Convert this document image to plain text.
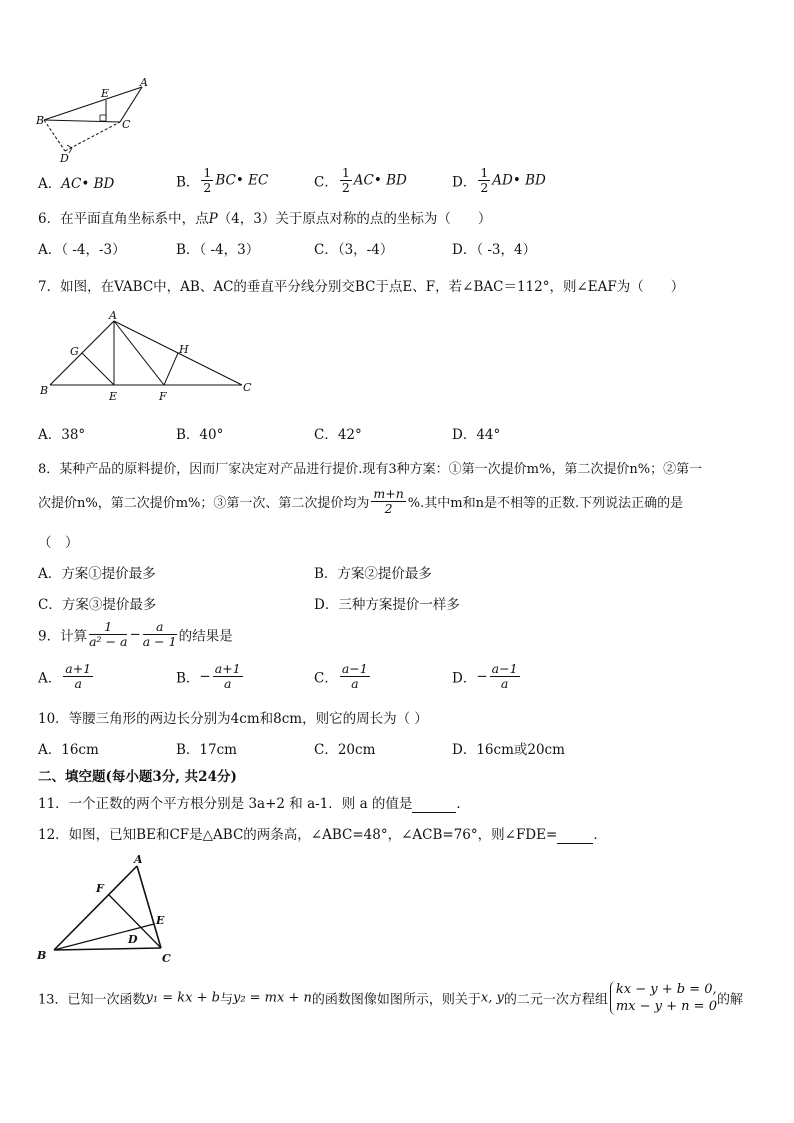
A
B	C
D
E
A．AC• BD	B． $\frac{1}{2}$ BC• EC	C． $\frac{1}{2}$ AC• BD	D． $\frac{1}{2}$ AD• BD
6．在平面直角坐标系中，点P（4，3）关于原点对称的点的坐标为（　　）
A．（ -4，-3）	B．（ -4，3）	C．（3，-4）	D．（ -3，4）
7．如图，在VABC中，AB、AC的垂直平分线分别交BC于点E、F，若∠BAC＝112°，则∠EAF为（　　）
A
G	H
B	E	F
C
A．38°	B．40°	C．42°	D．44°
8．某种产品的原料提价，因而厂家决定对产品进行提价.现有3种方案：①第一次提价m%，第二次提价n%；②第一
次提价n%，第二次提价m%；③第一次、第二次提价均为 $\frac{m+n}{2}$ %.其中m和n是不相等的正数.下列说法正确的是
（　）
A．方案①提价最多	B．方案②提价最多
C．方案③提价最多	D．三种方案提价一样多
9．计算 $\frac{1}{\text{a² − a}} - \frac{a}{a - 1}$ 的结果是
A． $\frac{a+1}{a}$	B．− $\frac{a+1}{a}$	C． $\frac{a-1}{a}$	D．− $\frac{a-1}{a}$
10．等腰三角形的两边长分别为4cm和8cm，则它的周长为（ ）
A．16cm	B．17cm	C．20cm	D．16cm或20cm
二、填空题(每小题3分, 共24分)
11．一个正数的两个平方根分别是 3a+2 和 a-1．则 a 的值是	．
12．如图，已知BE和CF是△ABC的两条高，∠ABC=48°，∠ACB=76°，则∠FDE=	．
A
F
E
D
B	C
13．已知一次函数y₁ = kx + b与y₂ = mx + n的函数图像如图所示，则关于x, y的二元一次方程组
kx − y + b = 0,
mx − y + n = 0 的解
